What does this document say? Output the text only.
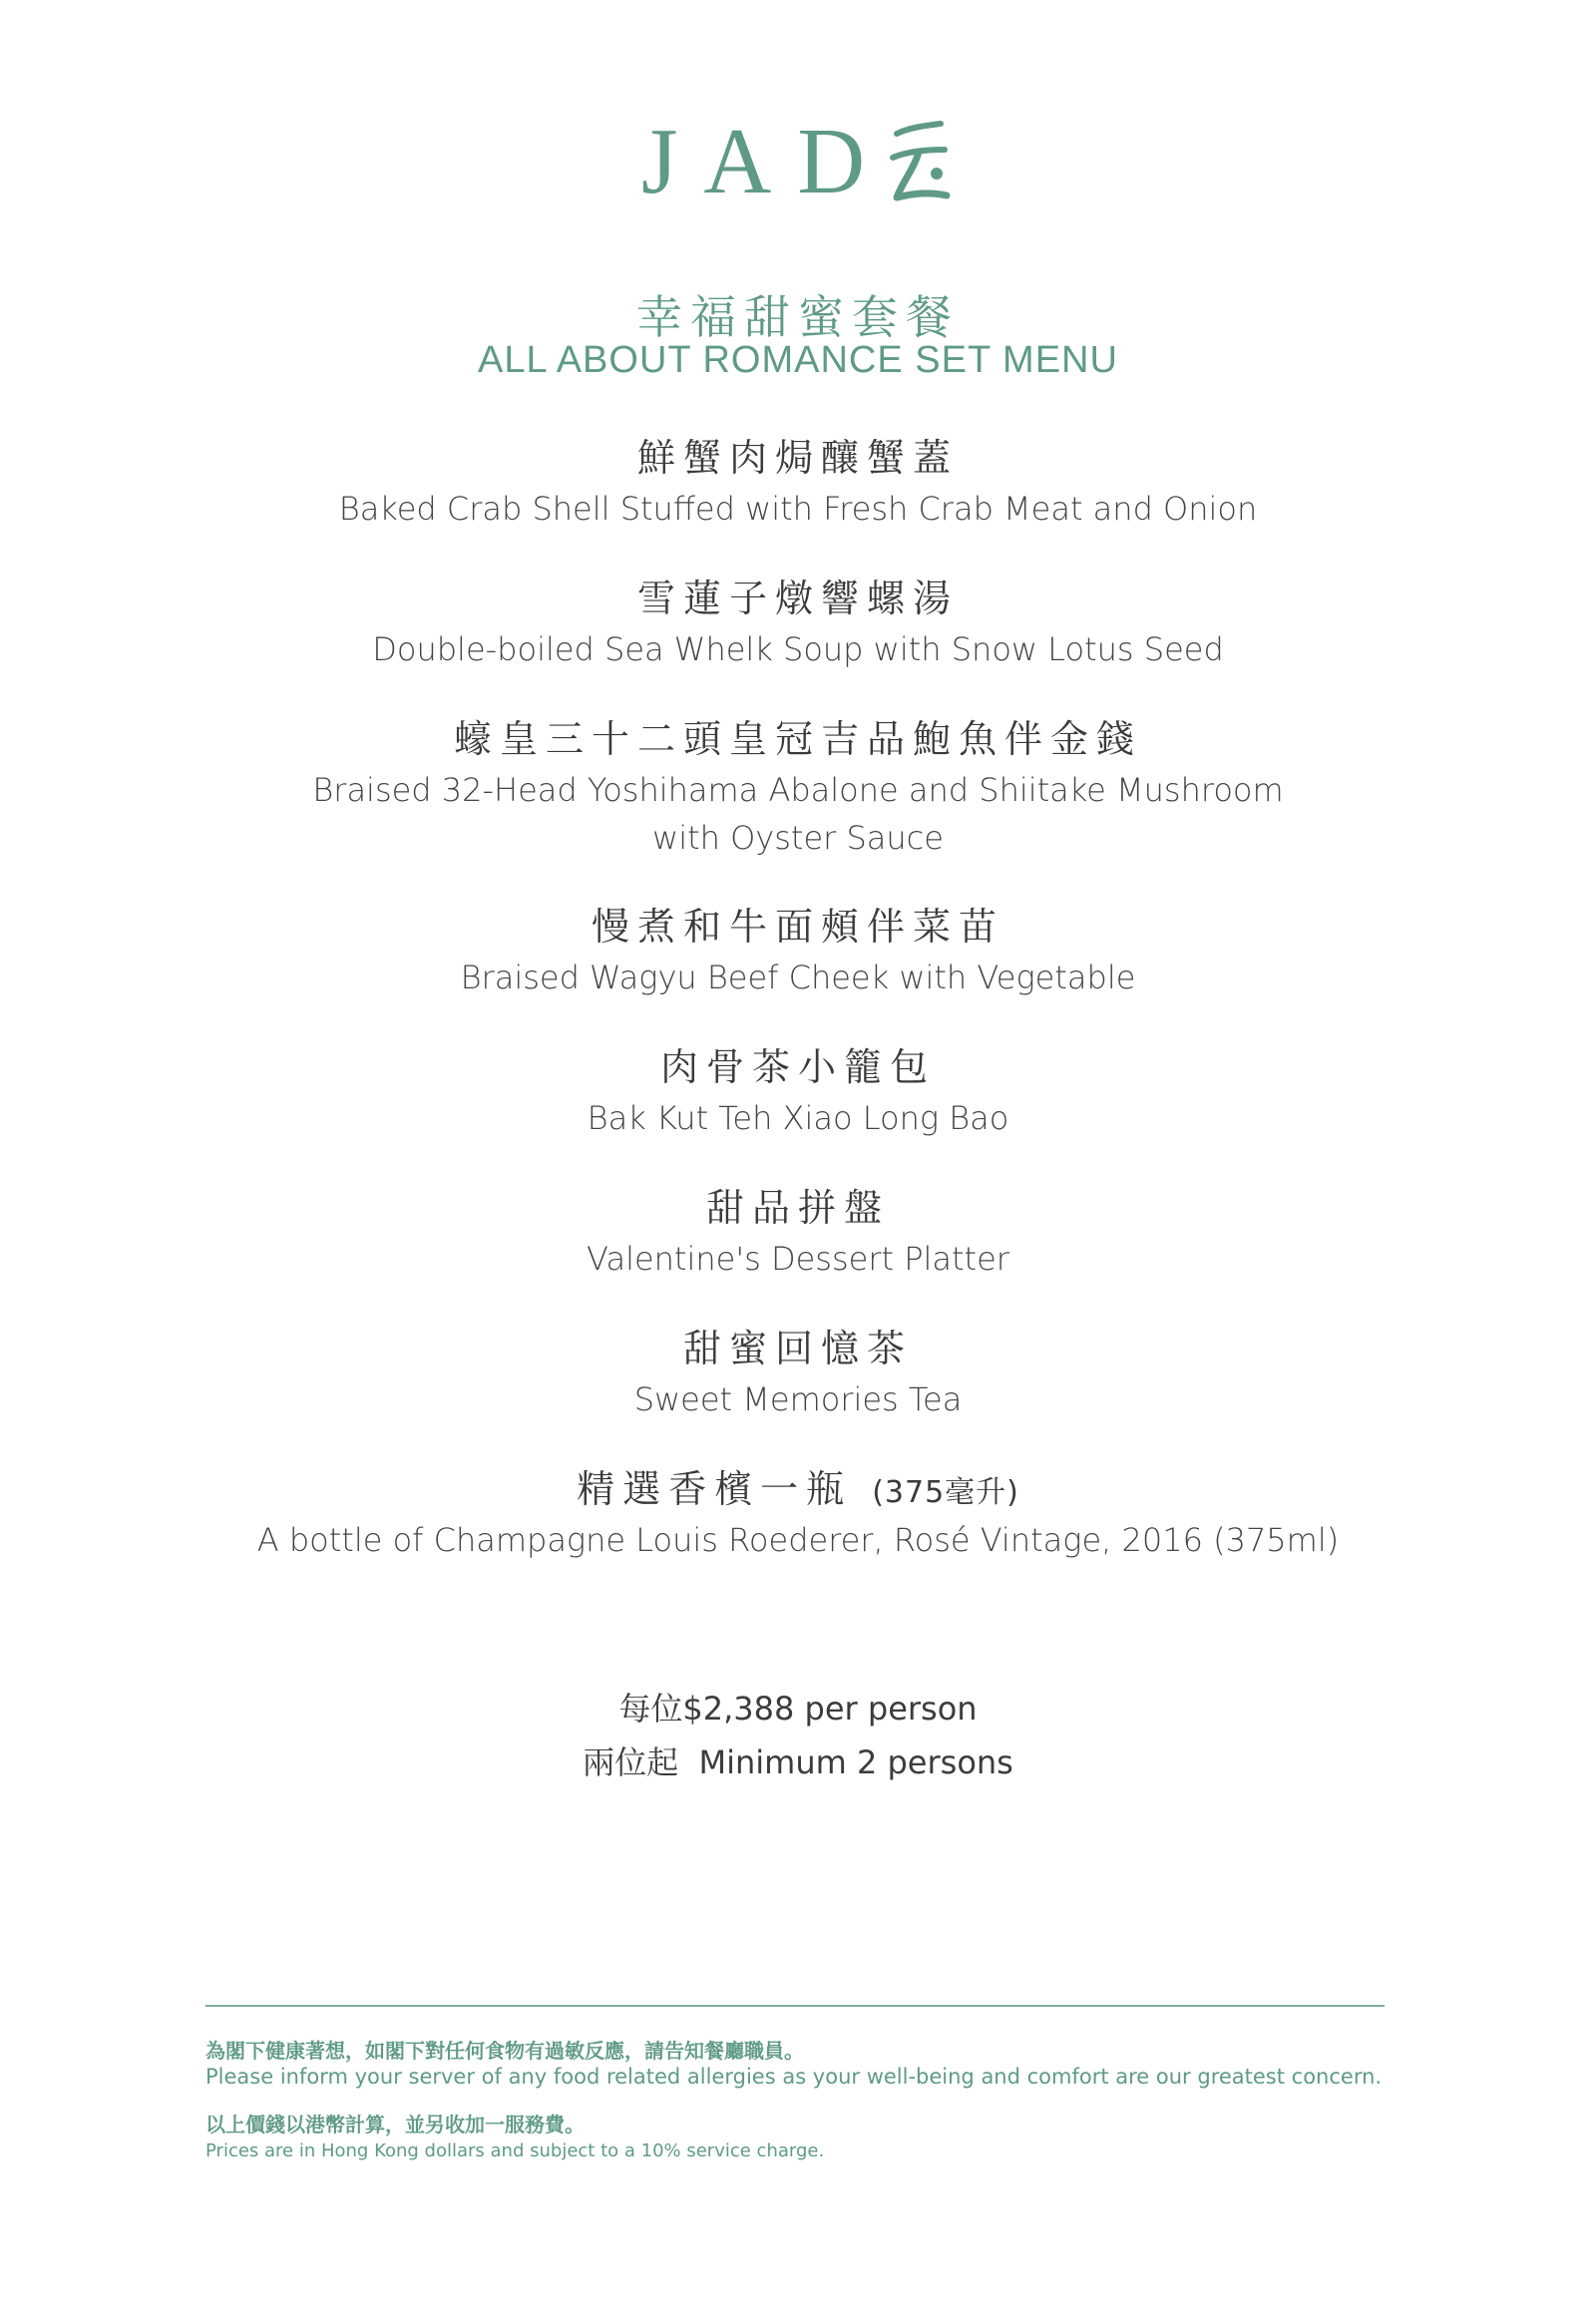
JAD
幸福甜蜜套餐
ALL ABOUT ROMANCE SET MENU
鮮蟹肉焗釀蟹蓋
Baked Crab Shell Stuffed with Fresh Crab Meat and Onion
雪蓮子燉響螺湯
Double-boiled Sea Whelk Soup with Snow Lotus Seed
蠔皇三十二頭皇冠吉品鮑魚伴金錢
Braised 32-Head Yoshihama Abalone and Shiitake Mushroom
with Oyster Sauce
慢煮和牛面頰伴菜苗
Braised Wagyu Beef Cheek with Vegetable
肉骨茶小籠包
Bak Kut Teh Xiao Long Bao
甜品拼盤
Valentine's Dessert Platter
甜蜜回憶茶
Sweet Memories Tea
精選香檳一瓶 (375毫升)
A bottle of Champagne Louis Roederer, Rosé Vintage, 2016 (375ml)
每位$2,388 per person
兩位起  Minimum 2 persons
為閣下健康著想，如閣下對任何食物有過敏反應，請告知餐廳職員。
Please inform your server of any food related allergies as your well-being and comfort are our greatest concern.
以上價錢以港幣計算，並另收加一服務費。
Prices are in Hong Kong dollars and subject to a 10% service charge.
